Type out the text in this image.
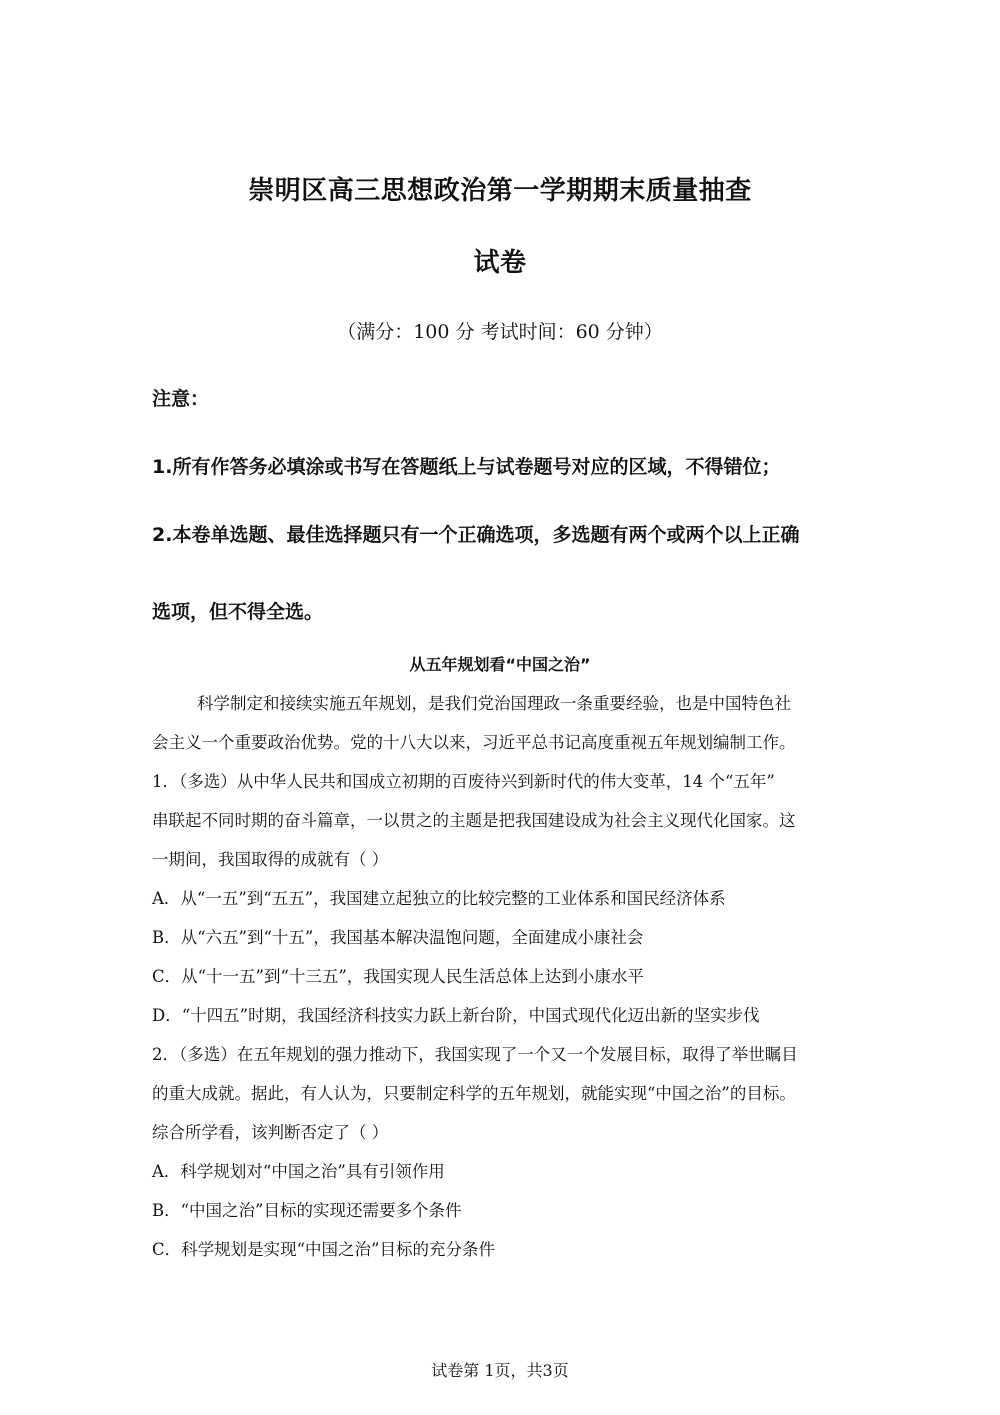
崇明区高三思想政治第一学期期末质量抽查
试卷
（满分：100 分 考试时间：60 分钟）
注意：
1.所有作答务必填涂或书写在答题纸上与试卷题号对应的区域，不得错位；
2.本卷单选题、最佳选择题只有一个正确选项，多选题有两个或两个以上正确
选项，但不得全选。
从五年规划看“中国之治”
科学制定和接续实施五年规划，是我们党治国理政一条重要经验，也是中国特色社
会主义一个重要政治优势。党的十八大以来，习近平总书记高度重视五年规划编制工作。
1．（多选）从中华人民共和国成立初期的百废待兴到新时代的伟大变革，14 个“五年”
串联起不同时期的奋斗篇章，一以贯之的主题是把我国建设成为社会主义现代化国家。这
一期间，我国取得的成就有（ ）
A．从“一五”到“五五”，我国建立起独立的比较完整的工业体系和国民经济体系
B．从“六五”到“十五”，我国基本解决温饱问题，全面建成小康社会
C．从“十一五”到“十三五”，我国实现人民生活总体上达到小康水平
D．“十四五”时期，我国经济科技实力跃上新台阶，中国式现代化迈出新的坚实步伐
2．（多选）在五年规划的强力推动下，我国实现了一个又一个发展目标，取得了举世瞩目
的重大成就。据此，有人认为，只要制定科学的五年规划，就能实现“中国之治”的目标。
综合所学看，该判断否定了（ ）
A．科学规划对“中国之治”具有引领作用
B．“中国之治”目标的实现还需要多个条件
C．科学规划是实现“中国之治”目标的充分条件
试卷第 1页，共3页
